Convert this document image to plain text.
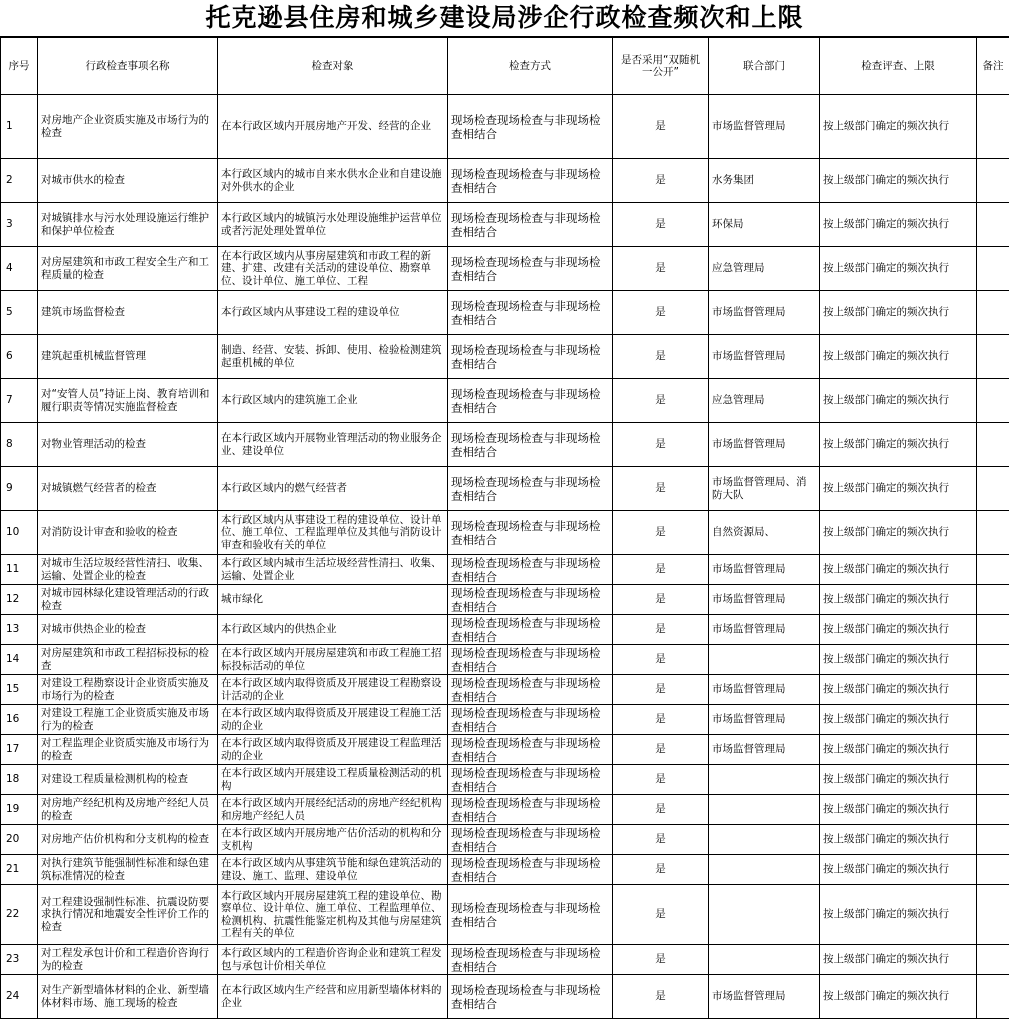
托克逊县住房和城乡建设局涉企行政检查频次和上限
序号	行政检查事项名称	检查对象	检查方式	是否采用“双随机一公开”	联合部门	检查评查、上限	备注

1	对房地产企业资质实施及市场行为的检查	在本行政区域内开展房地产开发、经营的企业	现场检查现场检查与非现场检查相结合	是	市场监督管理局	按上级部门确定的频次执行	

2	对城市供水的检查	本行政区域内的城市自来水供水企业和自建设施对外供水的企业	现场检查现场检查与非现场检查相结合	是	水务集团	按上级部门确定的频次执行	

3	对城镇排水与污水处理设施运行维护和保护单位检查	本行政区域内的城镇污水处理设施维护运营单位或者污泥处理处置单位	现场检查现场检查与非现场检查相结合	是	环保局	按上级部门确定的频次执行	

4	对房屋建筑和市政工程安全生产和工程质量的检查	在本行政区域内从事房屋建筑和市政工程的新建、扩建、改建有关活动的建设单位、勘察单位、设计单位、施工单位、工程	现场检查现场检查与非现场检查相结合	是	应急管理局	按上级部门确定的频次执行	

5	建筑市场监督检查	本行政区域内从事建设工程的建设单位	现场检查现场检查与非现场检查相结合	是	市场监督管理局	按上级部门确定的频次执行	

6	建筑起重机械监督管理	制造、经营、安装、拆卸、使用、检验检测建筑起重机械的单位	现场检查现场检查与非现场检查相结合	是	市场监督管理局	按上级部门确定的频次执行	

7	对“安管人员”持证上岗、教育培训和履行职责等情况实施监督检查	本行政区域内的建筑施工企业	现场检查现场检查与非现场检查相结合	是	应急管理局	按上级部门确定的频次执行	

8	对物业管理活动的检查	在本行政区域内开展物业管理活动的物业服务企业、建设单位	现场检查现场检查与非现场检查相结合	是	市场监督管理局	按上级部门确定的频次执行	

9	对城镇燃气经营者的检查	本行政区域内的燃气经营者	现场检查现场检查与非现场检查相结合	是	市场监督管理局、消防大队	按上级部门确定的频次执行	

10	对消防设计审查和验收的检查	本行政区域内从事建设工程的建设单位、设计单位、施工单位、工程监理单位及其他与消防设计审查和验收有关的单位	现场检查现场检查与非现场检查相结合	是	自然资源局、	按上级部门确定的频次执行	

11	对城市生活垃圾经营性清扫、收集、运输、处置企业的检查	本行政区域内城市生活垃圾经营性清扫、收集、运输、处置企业	现场检查现场检查与非现场检查相结合	是	市场监督管理局	按上级部门确定的频次执行	

12	对城市园林绿化建设管理活动的行政检查	城市绿化	现场检查现场检查与非现场检查相结合	是	市场监督管理局	按上级部门确定的频次执行	

13	对城市供热企业的检查	本行政区域内的供热企业	现场检查现场检查与非现场检查相结合	是	市场监督管理局	按上级部门确定的频次执行	

14	对房屋建筑和市政工程招标投标的检查	在本行政区域内开展房屋建筑和市政工程施工招标投标活动的单位	现场检查现场检查与非现场检查相结合	是		按上级部门确定的频次执行	

15	对建设工程勘察设计企业资质实施及市场行为的检查	在本行政区域内取得资质及开展建设工程勘察设计活动的企业	现场检查现场检查与非现场检查相结合	是	市场监督管理局	按上级部门确定的频次执行	

16	对建设工程施工企业资质实施及市场行为的检查	在本行政区域内取得资质及开展建设工程施工活动的企业	现场检查现场检查与非现场检查相结合	是	市场监督管理局	按上级部门确定的频次执行	

17	对工程监理企业资质实施及市场行为的检查	在本行政区域内取得资质及开展建设工程监理活动的企业	现场检查现场检查与非现场检查相结合	是	市场监督管理局	按上级部门确定的频次执行	

18	对建设工程质量检测机构的检查	在本行政区域内开展建设工程质量检测活动的机构	现场检查现场检查与非现场检查相结合	是		按上级部门确定的频次执行	

19	对房地产经纪机构及房地产经纪人员的检查	在本行政区域内开展经纪活动的房地产经纪机构和房地产经纪人员	现场检查现场检查与非现场检查相结合	是		按上级部门确定的频次执行	

20	对房地产估价机构和分支机构的检查	在本行政区域内开展房地产估价活动的机构和分支机构	现场检查现场检查与非现场检查相结合	是		按上级部门确定的频次执行	

21	对执行建筑节能强制性标准和绿色建筑标准情况的检查	在本行政区域内从事建筑节能和绿色建筑活动的建设、施工、监理、建设单位	现场检查现场检查与非现场检查相结合	是		按上级部门确定的频次执行	

22	对工程建设强制性标准、抗震设防要求执行情况和地震安全性评价工作的检查	本行政区域内开展房屋建筑工程的建设单位、勘察单位、设计单位、施工单位、工程监理单位、检测机构、抗震性能鉴定机构及其他与房屋建筑工程有关的单位	现场检查现场检查与非现场检查相结合	是		按上级部门确定的频次执行	

23	对工程发承包计价和工程造价咨询行为的检查	本行政区域内的工程造价咨询企业和建筑工程发包与承包计价相关单位	现场检查现场检查与非现场检查相结合	是		按上级部门确定的频次执行	

24	对生产新型墙体材料的企业、新型墙体材料市场、施工现场的检查	在本行政区域内生产经营和应用新型墙体材料的企业	现场检查现场检查与非现场检查相结合	是	市场监督管理局	按上级部门确定的频次执行	
